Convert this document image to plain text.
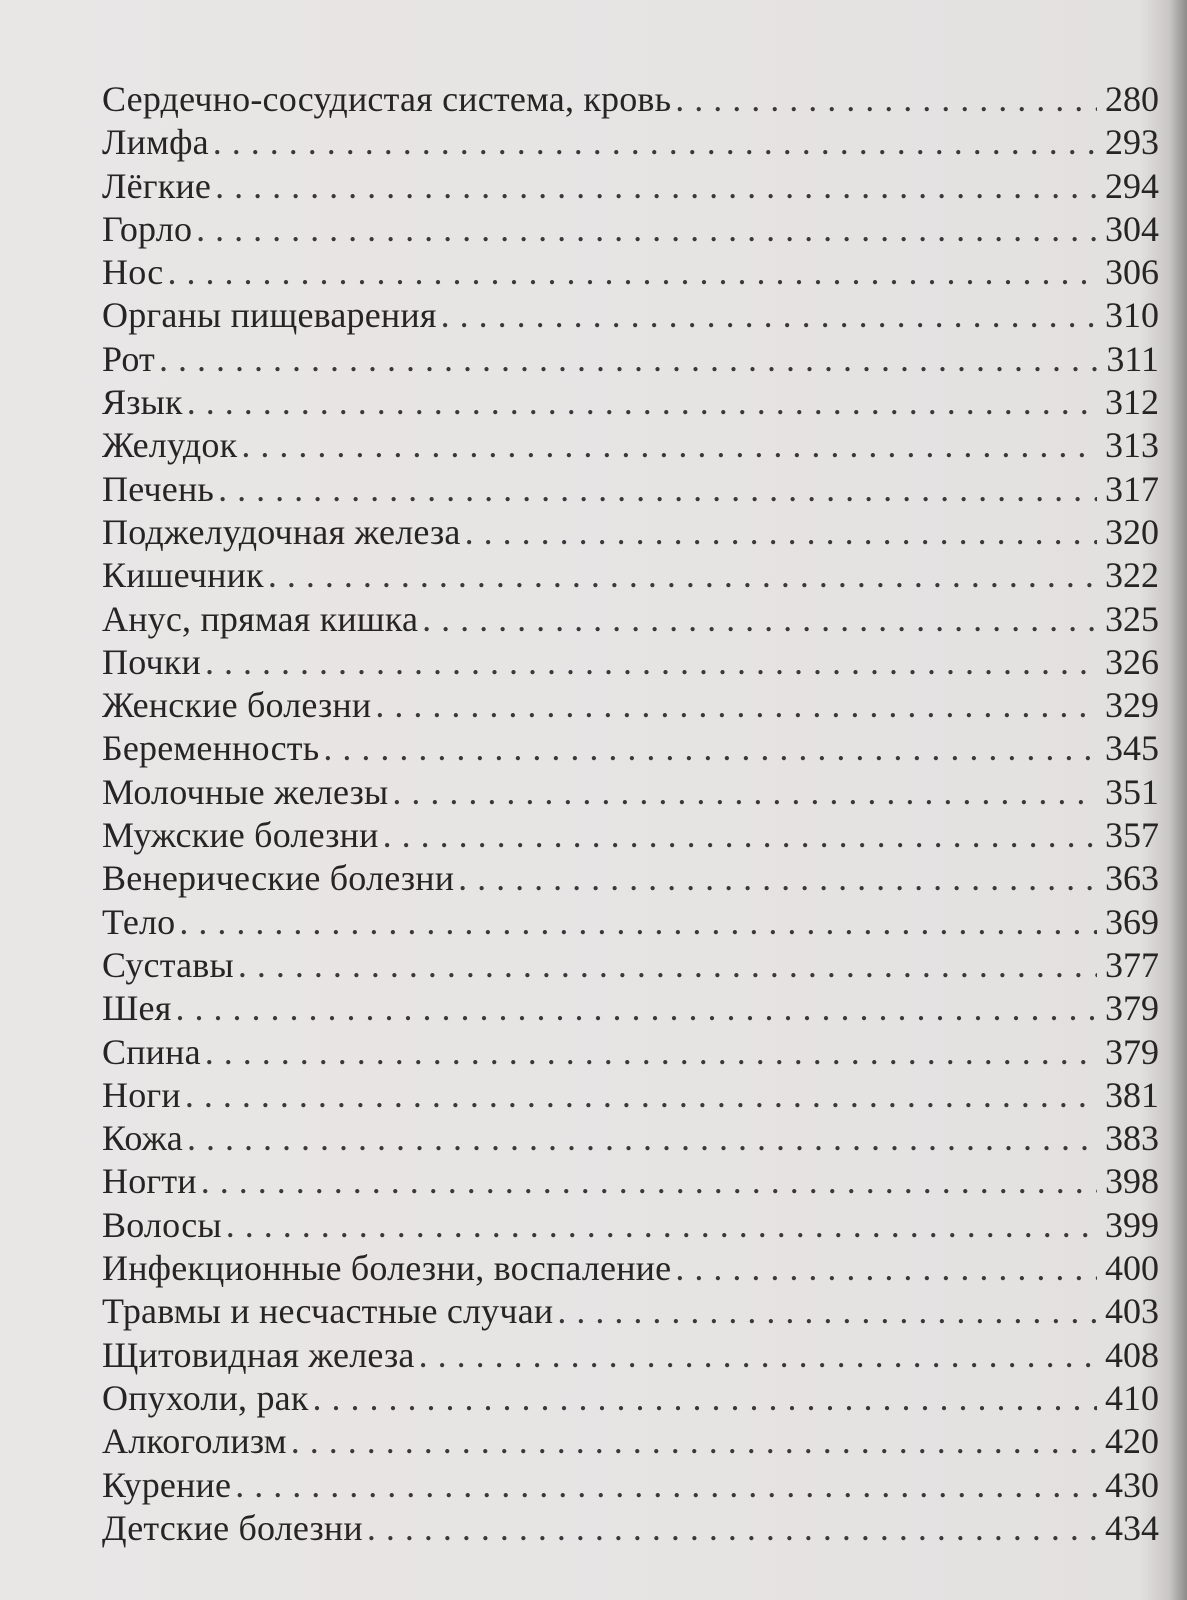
Сердечно-сосудистая система, кровь . . .	280
Лимфа . . .	293
Лёгкие . . .	294
Горло . . .	304
Нос . . .	306
Органы пищеварения . . .	310
Рот . . .	311
Язык . . .	312
Желудок . . .	313
Печень . . .	317
Поджелудочная железа . . .	320
Кишечник . . .	322
Анус, прямая кишка . . .	325
Почки . . .	326
Женские болезни . . .	329
Беременность . . .	345
Молочные железы . . .	351
Мужские болезни . . .	357
Венерические болезни . . .	363
Тело . . .	369
Суставы . . .	377
Шея . . .	379
Спина . . .	379
Ноги . . .	381
Кожа . . .	383
Ногти . . .	398
Волосы . . .	399
Инфекционные болезни, воспаление . . .	400
Травмы и несчастные случаи . . .	403
Щитовидная железа . . .	408
Опухоли, рак . . .	410
Алкоголизм . . .	420
Курение . . .	430
Детские болезни . . .	434
